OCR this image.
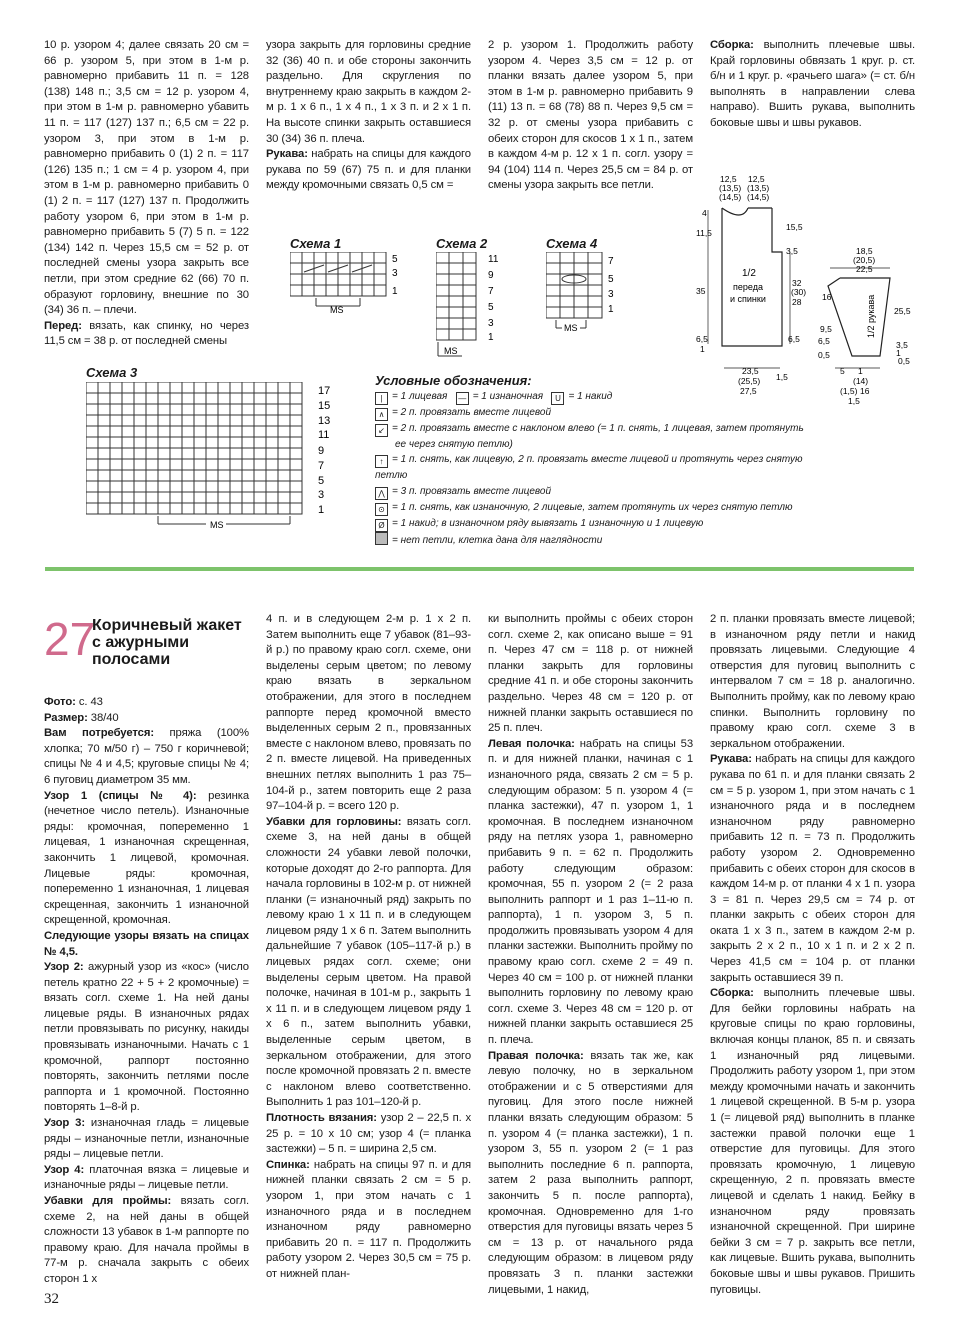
10 р. узором 4; далее связать 20 см = 66 р. узором 5, при этом в 1-м р. равномерно прибавить 11 п. = 128 (138) 148 п.; 3,5 см = 12 р. узором 4, при этом в 1-м р. равномерно убавить 11 п. = 117 (127) 137 п.; 6,5 см = 22 р. узором 3, при этом в 1-м р. равномерно прибавить 0 (1) 2 п. = 117 (126) 135 п.; 1 см = 4 р. узором 4, при этом в 1-м р. равномерно прибавить 0 (1) 2 п. = 117 (127) 137 п. Продолжить работу узором 6, при этом в 1-м р. равномерно прибавить 5 (7) 5 п. = 122 (134) 142 п. Через 15,5 см = 52 р. от последней смены узора закрыть все петли, при этом средние 62 (66) 70 п. образуют горловину, внешние по 30 (34) 36 п. – плечи.

Перед: вязать, как спинку, но через 11,5 см = 38 р. от последней смены

узора закрыть для горловины средние 32 (36) 40 п. и обе стороны закончить раздельно. Для скругления по внутреннему краю закрыть в каждом 2-м р. 1 х 6 п., 1 х 4 п., 1 х 3 п. и 2 х 1 п. На высоте спинки закрыть оставшиеся 30 (34) 36 п. плеча.

Рукава: набрать на спицы для каждого рукава по 59 (67) 75 п. и для планки между кромочными связать 0,5 см =

2 р. узором 1. Продолжить работу узором 4. Через 3,5 см = 12 р. от планки вязать далее узором 5, при этом в 1-м р. равномерно прибавить 9 (11) 13 п. = 68 (78) 88 п. Через 9,5 см = 32 р. от смены узора прибавить с обеих сторон для скосов 1 х 1 п., затем в каждом 4-м р. 12 х 1 п. согл. узору = 94 (104) 114 п. Через 25,5 см = 84 р. от смены узора закрыть все петли.

Сборка: выполнить плечевые швы. Край горловины обвязать 1 круг. р. ст. б/н и 1 круг. р. «рачьего шага» (= ст. б/н выполнять в направлении слева направо). Вшить рукава, выполнить боковые швы и швы рукавов.

Схема 1
MS
5
3
1
Схема 2
MS
11
9
7
5
3
1
Схема 4
MS
7
5
3
1
Схема 3
MS
17
15
13
11
9
7
5
3
1
Условные обозначения:
| = 1 лицевая — = 1 изнаночная U = 1 накид
∧ = 2 п. провязать вместе лицевой
↙ = 2 п. провязать вместе с наклоном влево (= 1 п. снять, 1 лицевая, затем протянуть
ее через снятую петлю)
↑ = 1 п. снять, как лицевую, 2 п. провязать вместе лицевой и протянуть через снятую петлю
⋀ = 3 п. провязать вместе лицевой
⊙ = 1 п. снять, как изнаночную, 2 лицевые, затем протянуть их через снятую петлю
Ø = 1 накид; в изнаночном ряду вывязать 1 изнаночную и 1 лицевую
= нет петли, клетка дана для наглядности
12,5
(13,5)
(14,5)
12,5
(13,5)
(14,5)
4
11,5
15,5
3,5
1/2
переда
и спинки
35
32
(30)
28
6,5
1
23,5
(25,5)
27,5
6,5
1,5
18,5
(20,5)
22,5
16
9,5
25,5
1/2 рукава
3,5
1
0,5
6,5
0,5
5 1
(14)
(1,5) 16
1,5
27
Коричневый жакет с ажурными полосами

Фото: с. 43

Размер: 38/40

Вам потребуется: пряжа (100% хлопка; 70 м/50 г) – 750 г коричневой; спицы № 4 и 4,5; круговые спицы № 4; 6 пуговиц диаметром 35 мм.

Узор 1 (спицы № 4): резинка (нечетное число петель). Изнаночные ряды: кромочная, попеременно 1 лицевая, 1 изнаночная скрещенная, закончить 1 лицевой, кромочная. Лицевые ряды: кромочная, попеременно 1 изнаночная, 1 лицевая скрещенная, закончить 1 изнаночной скрещенной, кромочная.

Следующие узоры вязать на спицах № 4,5.

Узор 2: ажурный узор из «кос» (число петель кратно 22 + 5 + 2 кромочные) = вязать согл. схеме 1. На ней даны лицевые ряды. В изнаночных рядах петли провязывать по рисунку, накиды провязывать изнаночными. Начать с 1 кромочной, раппорт постоянно повторять, закончить петлями после раппорта и 1 кромочной. Постоянно повторять 1–8-й р.

Узор 3: изнаночная гладь = лицевые ряды – изнаночные петли, изнаночные ряды – лицевые петли.

Узор 4: платочная вязка = лицевые и изнаночные ряды – лицевые петли.

Убавки для проймы: вязать согл. схеме 2, на ней даны в общей сложности 13 убавок в 1-м раппорте по правому краю. Для начала проймы в 77-м р. сначала закрыть с обеих сторон 1 х

4 п. и в следующем 2-м р. 1 х 2 п. Затем выполнить еще 7 убавок (81–93-й р.) по правому краю согл. схеме, они выделены серым цветом; по левому краю вязать в зеркальном отображении, для этого в последнем раппорте перед кромочной вместо выделенных серым 2 п., провязанных вместе с наклоном влево, провязать по 2 п. вместе лицевой. На приведенных внешних петлях выполнить 1 раз 75–104-й р., затем повторить еще 2 раза 97–104-й р. = всего 120 р.

Убавки для горловины: вязать согл. схеме 3, на ней даны в общей сложности 24 убавки левой полочки, которые доходят до 2-го раппорта. Для начала горловины в 102-м р. от нижней планки (= изнаночный ряд) закрыть по левому краю 1 х 11 п. и в следующем лицевом ряду 1 х 6 п. Затем выполнить дальнейшие 7 убавок (105–117-й р.) в лицевых рядах согл. схеме; они выделены серым цветом. На правой полочке, начиная в 101-м р., закрыть 1 х 11 п. и в следующем лицевом ряду 1 х 6 п., затем выполнить убавки, выделенные серым цветом, в зеркальном отображении, для этого после кромочной провязать 2 п. вместе с наклоном влево соответственно. Выполнить 1 раз 101–120-й р.

Плотность вязания: узор 2 – 22,5 п. х 25 р. = 10 х 10 см; узор 4 (= планка застежки) – 5 п. = ширина 2,5 см.

Спинка: набрать на спицы 97 п. и для нижней планки связать 2 см = 5 р. узором 1, при этом начать с 1 изнаночного ряда и в последнем изнаночном ряду равномерно прибавить 20 п. = 117 п. Продолжить работу узором 2. Через 30,5 см = 75 р. от нижней план-

ки выполнить проймы с обеих сторон согл. схеме 2, как описано выше = 91 п. Через 47 см = 118 р. от нижней планки закрыть для горловины средние 41 п. и обе стороны закончить раздельно. Через 48 см = 120 р. от нижней планки закрыть оставшиеся по 25 п. плеч.

Левая полочка: набрать на спицы 53 п. и для нижней планки, начиная с 1 изнаночного ряда, связать 2 см = 5 р. следующим образом: 5 п. узором 4 (= планка застежки), 47 п. узором 1, 1 кромочная. В последнем изнаночном ряду на петлях узора 1, равномерно прибавить 9 п. = 62 п. Продолжить работу следующим образом: кромочная, 55 п. узором 2 (= 2 раза выполнить раппорт и 1 раз 1–11-ю п. раппорта), 1 п. узором 3, 5 п. продолжить провязывать узором 4 для планки застежки. Выполнить пройму по правому краю согл. схеме 2 = 49 п. Через 40 см = 100 р. от нижней планки выполнить горловину по левому краю согл. схеме 3. Через 48 см = 120 р. от нижней планки закрыть оставшиеся 25 п. плеча.

Правая полочка: вязать так же, как левую полочку, но в зеркальном отображении и с 5 отверстиями для пуговиц. Для этого после нижней планки вязать следующим образом: 5 п. узором 4 (= планка застежки), 1 п. узором 3, 55 п. узором 2 (= 1 раз выполнить последние 6 п. раппорта, затем 2 раза выполнить раппорт, закончить 5 п. после раппорта), кромочная. Одновременно для 1-го отверстия для пуговицы вязать через 5 см = 13 р. от начального ряда следующим образом: в лицевом ряду провязать 3 п. планки застежки лицевыми, 1 накид,

2 п. планки провязать вместе лицевой; в изнаночном ряду петли и накид провязать лицевыми. Следующие 4 отверстия для пуговиц выполнить с интервалом 7 см = 18 р. аналогично. Выполнить пройму, как по левому краю спинки. Выполнить горловину по правому краю согл. схеме 3 в зеркальном отображении.

Рукава: набрать на спицы для каждого рукава по 61 п. и для планки связать 2 см = 5 р. узором 1, при этом начать с 1 изнаночного ряда и в последнем изнаночном ряду равномерно прибавить 12 п. = 73 п. Продолжить работу узором 2. Одновременно прибавить с обеих сторон для скосов в каждом 14-м р. от планки 4 х 1 п. узора 3 = 81 п. Через 29,5 см = 74 р. от планки закрыть с обеих сторон для оката 1 х 3 п., затем в каждом 2-м р. закрыть 2 х 2 п., 10 х 1 п. и 2 х 2 п. Через 41,5 см = 104 р. от планки закрыть оставшиеся 39 п.

Сборка: выполнить плечевые швы. Для бейки горловины набрать на круговые спицы по краю горловины, включая концы планок, 85 п. и связать 1 изнаночный ряд лицевыми. Продолжить работу узором 1, при этом между кромочными начать и закончить 1 лицевой скрещенной. В 5-м р. узора 1 (= лицевой ряд) выполнить в планке застежки правой полочки еще 1 отверстие для пуговицы. Для этого провязать кромочную, 1 лицевую скрещенную, 2 п. провязать вместе лицевой и сделать 1 накид. Бейку в изнаночном ряду провязать изнаночной скрещенной. При ширине бейки 3 см = 7 р. закрыть все петли, как лицевые. Вшить рукава, выполнить боковые швы и швы рукавов. Пришить пуговицы.

32
